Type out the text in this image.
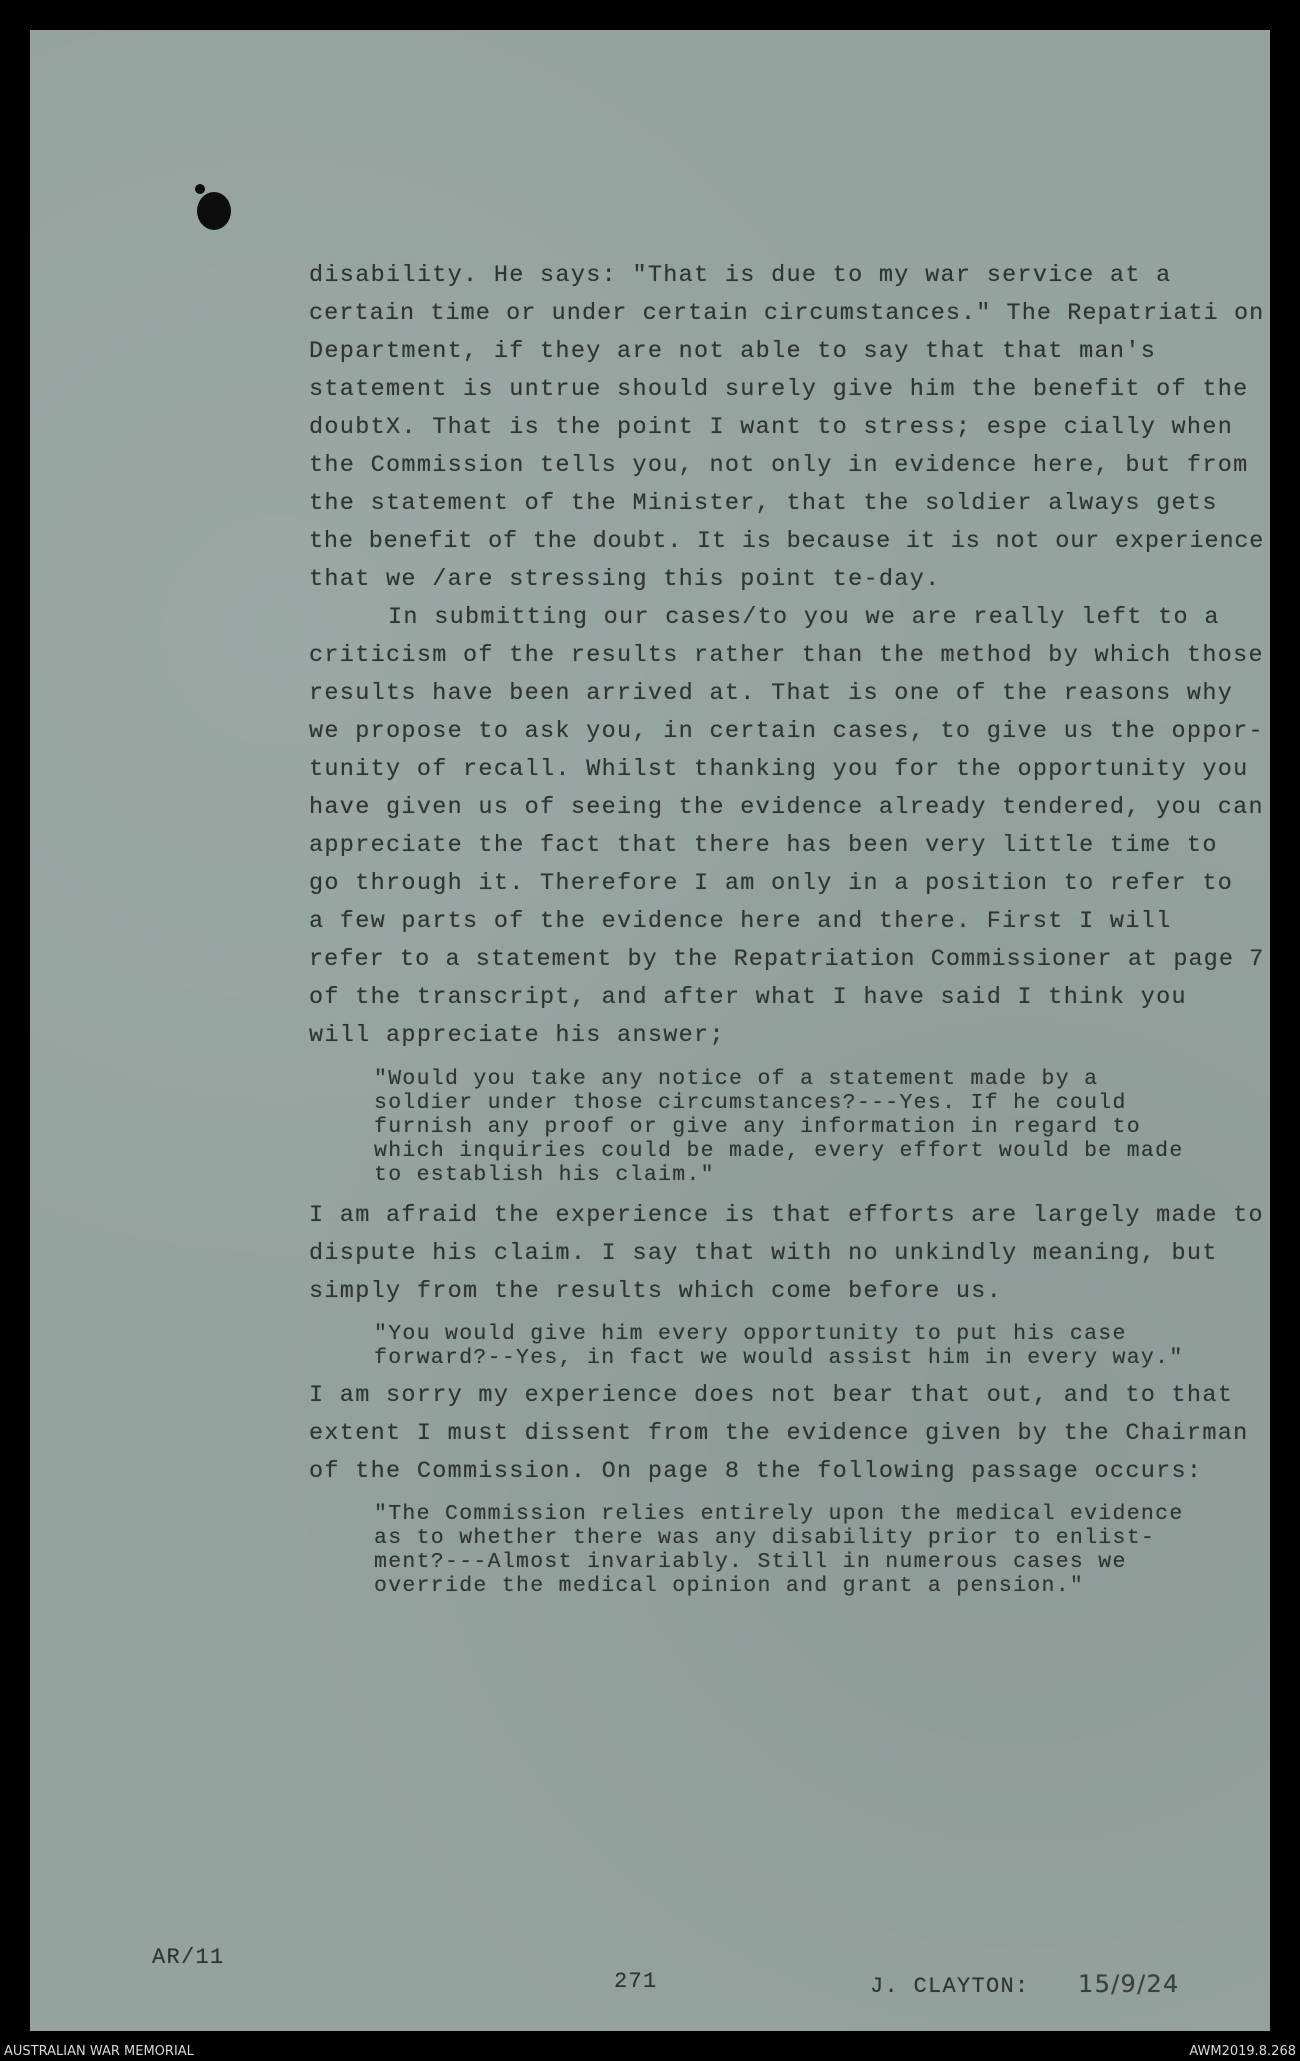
disability. He says: "That is due to my war service at a
certain time or under certain circumstances." The Repatriati on
Department, if they are not able to say that that man's
statement is untrue should surely give him the benefit of the
doubtX. That is the point I want to stress; espe cially when
the Commission tells you, not only in evidence here, but from
the statement of the Minister, that the soldier always gets
the benefit of the doubt. It is because it is not our experience
that we /are stressing this point te-day.
In submitting our cases/to you we are really left to a
criticism of the results rather than the method by which those
results have been arrived at. That is one of the reasons why
we propose to ask you, in certain cases, to give us the oppor-
tunity of recall. Whilst thanking you for the opportunity you
have given us of seeing the evidence already tendered, you can
appreciate the fact that there has been very little time to
go through it. Therefore I am only in a position to refer to
a few parts of the evidence here and there. First I will
refer to a statement by the Repatriation Commissioner at page 7
of the transcript, and after what I have said I think you
will appreciate his answer;
"Would you take any notice of a statement made by a
soldier under those circumstances?---Yes. If he could
furnish any proof or give any information in regard to
which inquiries could be made, every effort would be made
to establish his claim."
I am afraid the experience is that efforts are largely made to
dispute his claim. I say that with no unkindly meaning, but
simply from the results which come before us.
"You would give him every opportunity to put his case
forward?--Yes, in fact we would assist him in every way."
I am sorry my experience does not bear that out, and to that
extent I must dissent from the evidence given by the Chairman
of the Commission. On page 8 the following passage occurs:
"The Commission relies entirely upon the medical evidence
as to whether there was any disability prior to enlist-
ment?---Almost invariably. Still in numerous cases we
override the medical opinion and grant a pension."
AR/11
271	J. CLAYTON: 15/9/24
AUSTRALIAN WAR MEMORIAL	AWM2019.8.268
